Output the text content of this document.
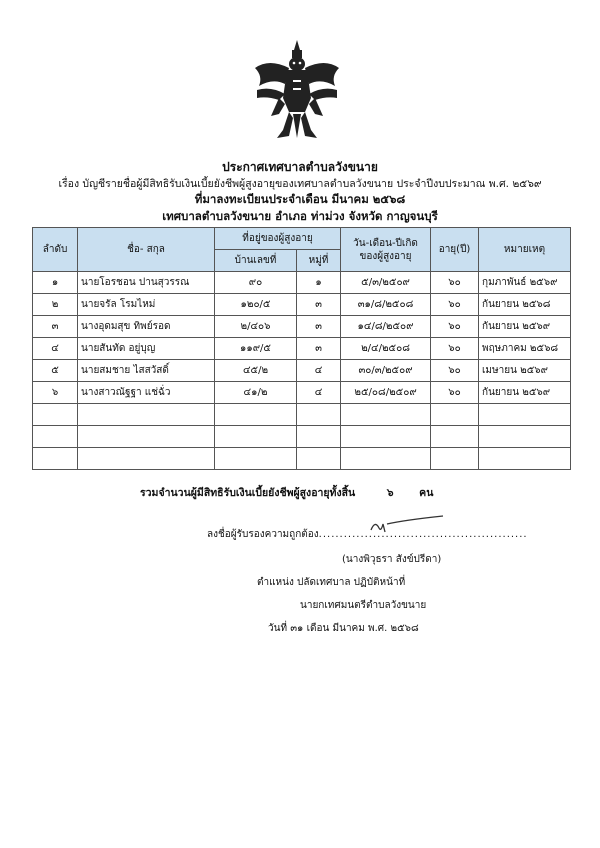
ประกาศเทศบาลตำบลวังขนาย
เรื่อง บัญชีรายชื่อผู้มีสิทธิรับเงินเบี้ยยังชีพผู้สูงอายุของเทศบาลตำบลวังขนาย ประจำปีงบประมาณ พ.ศ. ๒๕๖๙
ที่มาลงทะเบียนประจำเดือน มีนาคม ๒๕๖๘
เทศบาลตำบลวังขนาย อำเภอ ท่าม่วง จังหวัด กาญจนบุรี
ลำดับ	ชื่อ- สกุล	ที่อยู่ของผู้สูงอายุ		วัน-เดือน-ปีเกิด
ของผู้สูงอายุ	อายุ(ปี)	หมายเหตุ
		บ้านเลขที่	หมู่ที่			
๑	นายโอรชอน ปานสุวรรณ	๙๐	๑	๕/๓/๒๕๐๙	๖๐	กุมภาพันธ์ ๒๕๖๙
๒	นายจรัล โรมไหม่	๑๒๐/๕	๓	๓๑/๘/๒๕๐๘	๖๐	กันยายน ๒๕๖๘
๓	นางอุดมสุข ทิพย์รอด	๒/๔๐๖	๓	๑๔/๘/๒๕๐๙	๖๐	กันยายน ๒๕๖๙
๔	นายสันทัด อยู่บุญ	๑๑๙/๕	๓	๒/๔/๒๕๐๘	๖๐	พฤษภาคม ๒๕๖๘
๕	นายสมชาย ไสสวัสดิ์	๔๕/๒	๔	๓๐/๓/๒๕๐๙	๖๐	เมษายน ๒๕๖๙
๖	นางสาวณัฐฐา แช่ฉั่ว	๔๑/๒	๔	๒๕/๐๘/๒๕๐๙	๖๐	กันยายน ๒๕๖๙

รวมจำนวนผู้มีสิทธิรับเงินเบี้ยยังชีพผู้สูงอายุทั้งสิ้น	๖ คน
ลงชื่อผู้รับรองความถูกต้อง..................................................
(นางพิวุธรา สังข์ปรีดา)
ตำแหน่ง ปลัดเทศบาล ปฏิบัติหน้าที่
นายกเทศมนตรีตำบลวังขนาย
วันที่ ๓๑ เดือน มีนาคม พ.ศ. ๒๕๖๘
